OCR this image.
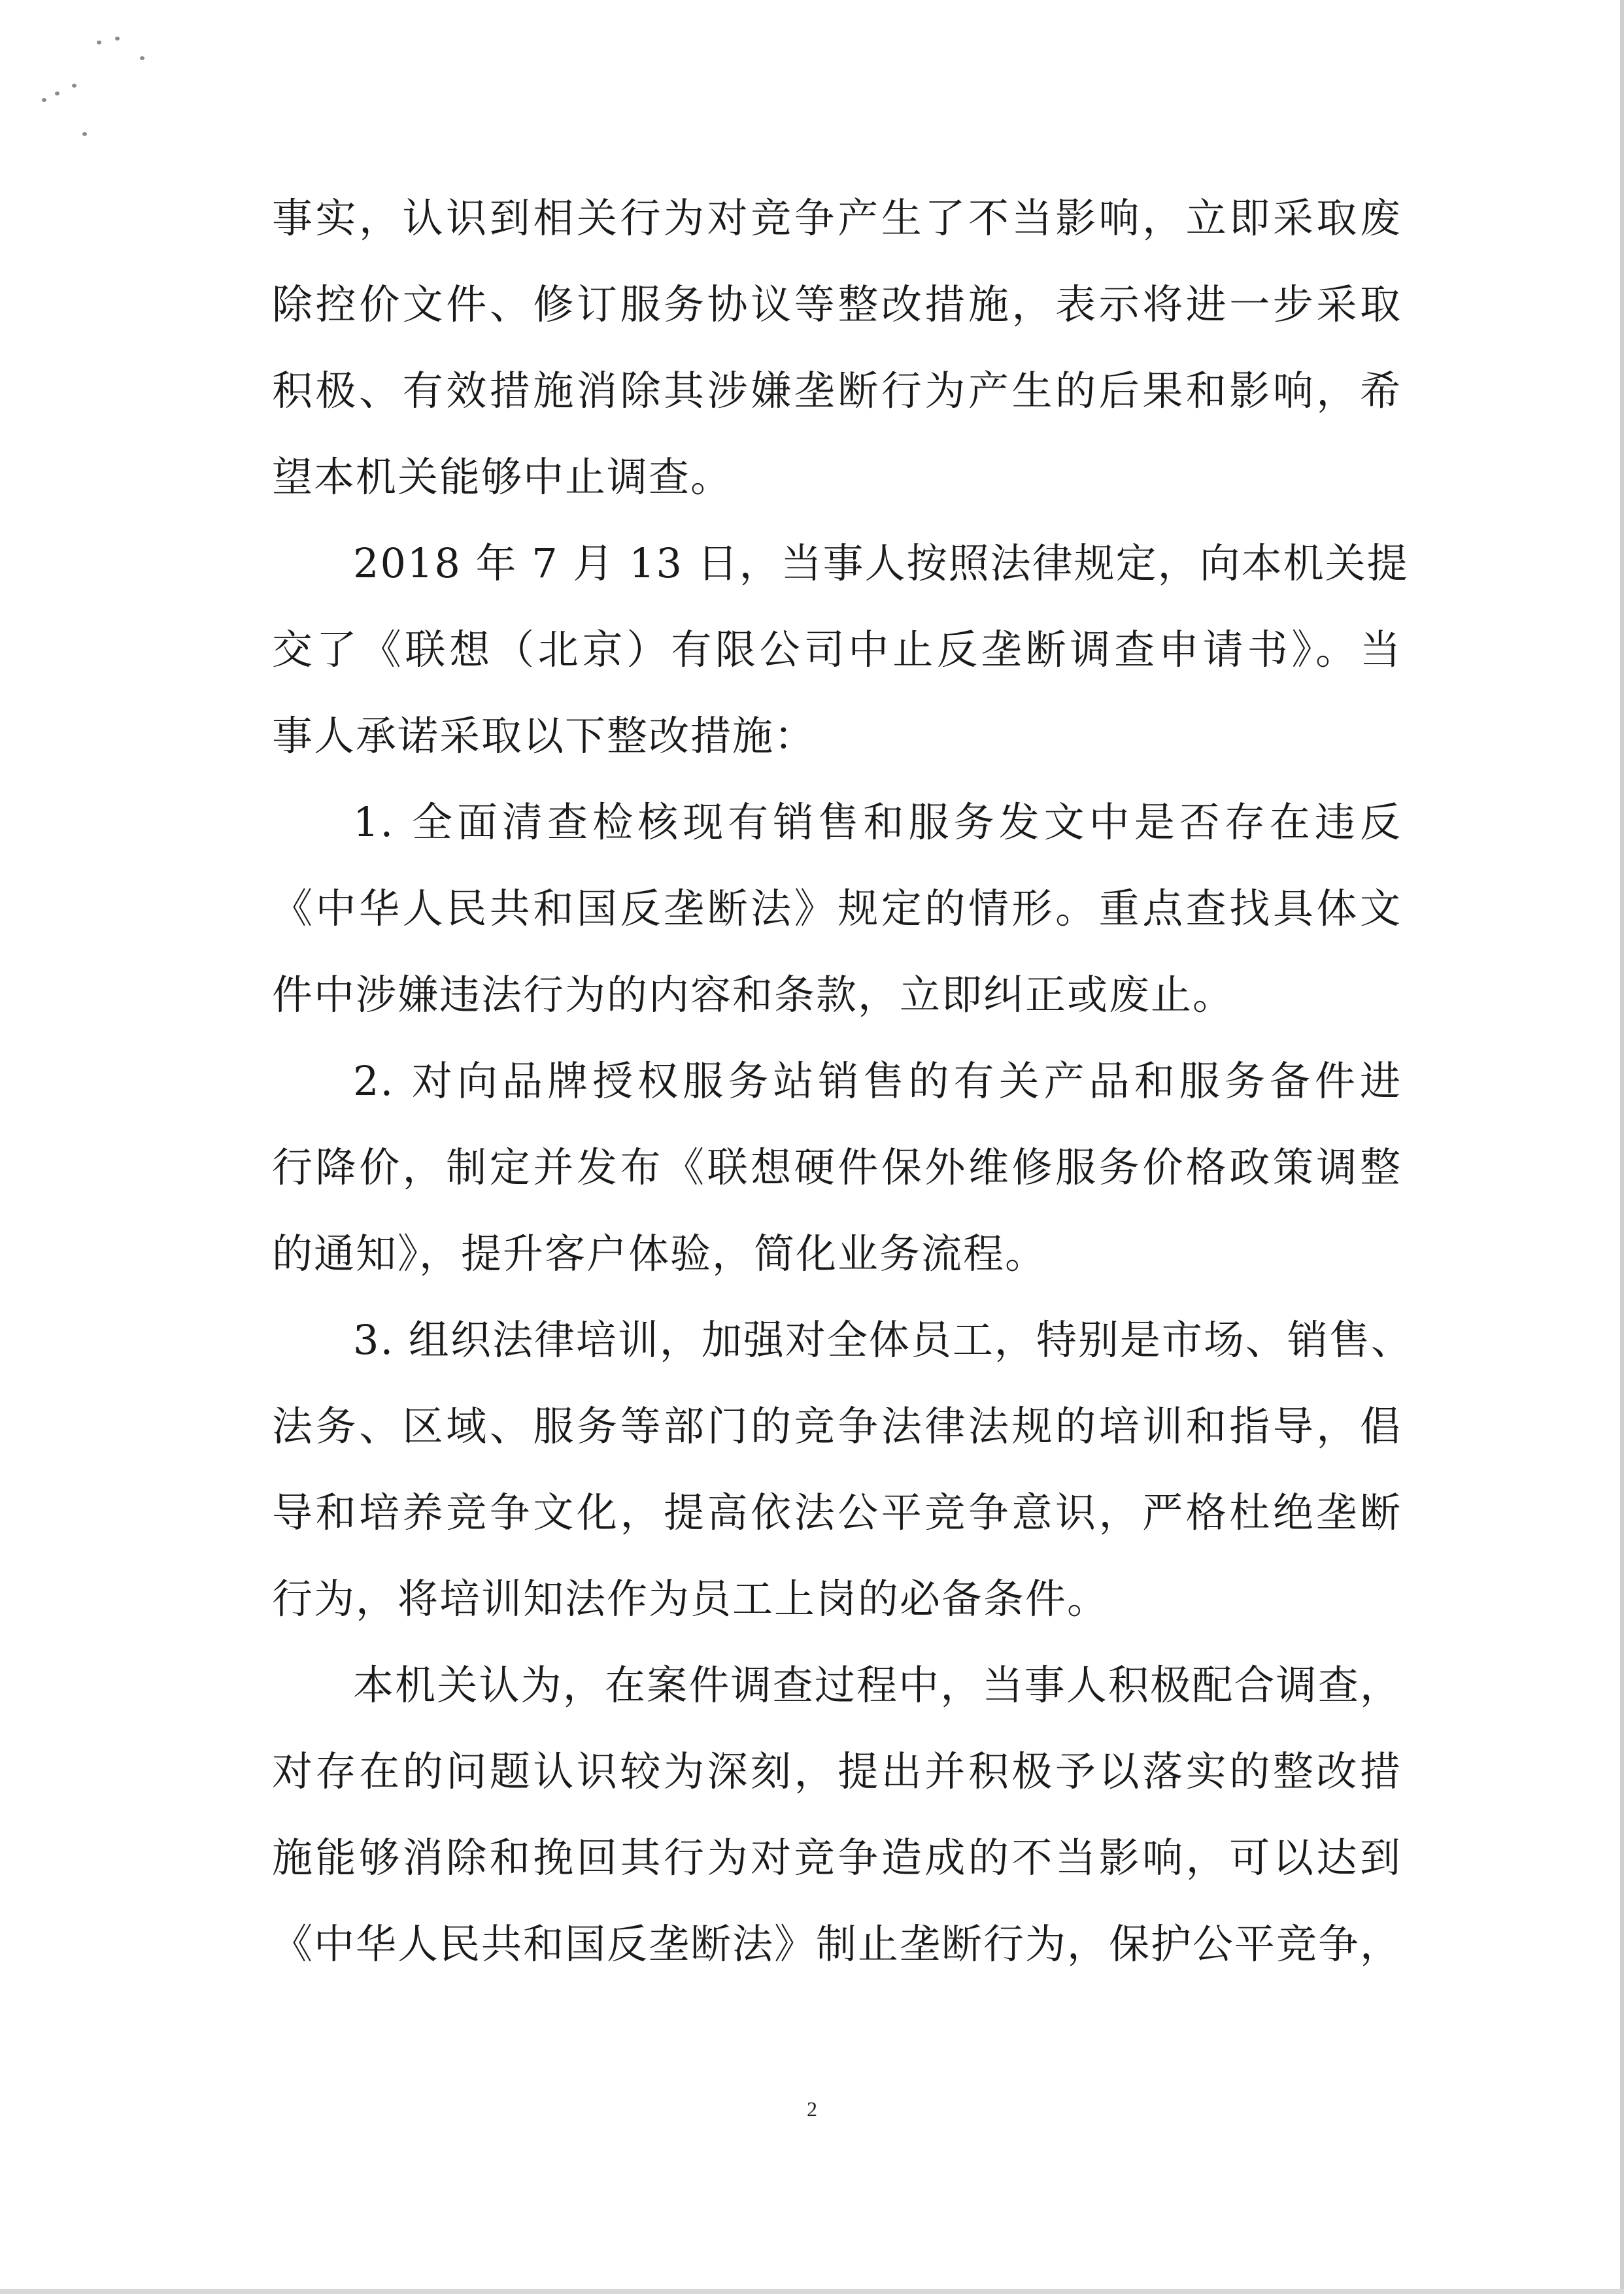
事实，认识到相关行为对竞争产生了不当影响，立即采取废
除控价文件、修订服务协议等整改措施，表示将进一步采取
积极、有效措施消除其涉嫌垄断行为产生的后果和影响，希
望本机关能够中止调查。
2018 年 7 月 13 日，当事人按照法律规定，向本机关提
交了《联想（北京）有限公司中止反垄断调查申请书》。当
事人承诺采取以下整改措施：
1. 全面清查检核现有销售和服务发文中是否存在违反
《中华人民共和国反垄断法》规定的情形。重点查找具体文
件中涉嫌违法行为的内容和条款，立即纠正或废止。
2. 对向品牌授权服务站销售的有关产品和服务备件进
行降价，制定并发布《联想硬件保外维修服务价格政策调整
的通知》，提升客户体验，简化业务流程。
3. 组织法律培训，加强对全体员工，特别是市场、销售、
法务、区域、服务等部门的竞争法律法规的培训和指导，倡
导和培养竞争文化，提高依法公平竞争意识，严格杜绝垄断
行为，将培训知法作为员工上岗的必备条件。
本机关认为，在案件调查过程中，当事人积极配合调查，
对存在的问题认识较为深刻，提出并积极予以落实的整改措
施能够消除和挽回其行为对竞争造成的不当影响，可以达到
《中华人民共和国反垄断法》制止垄断行为，保护公平竞争，
2
